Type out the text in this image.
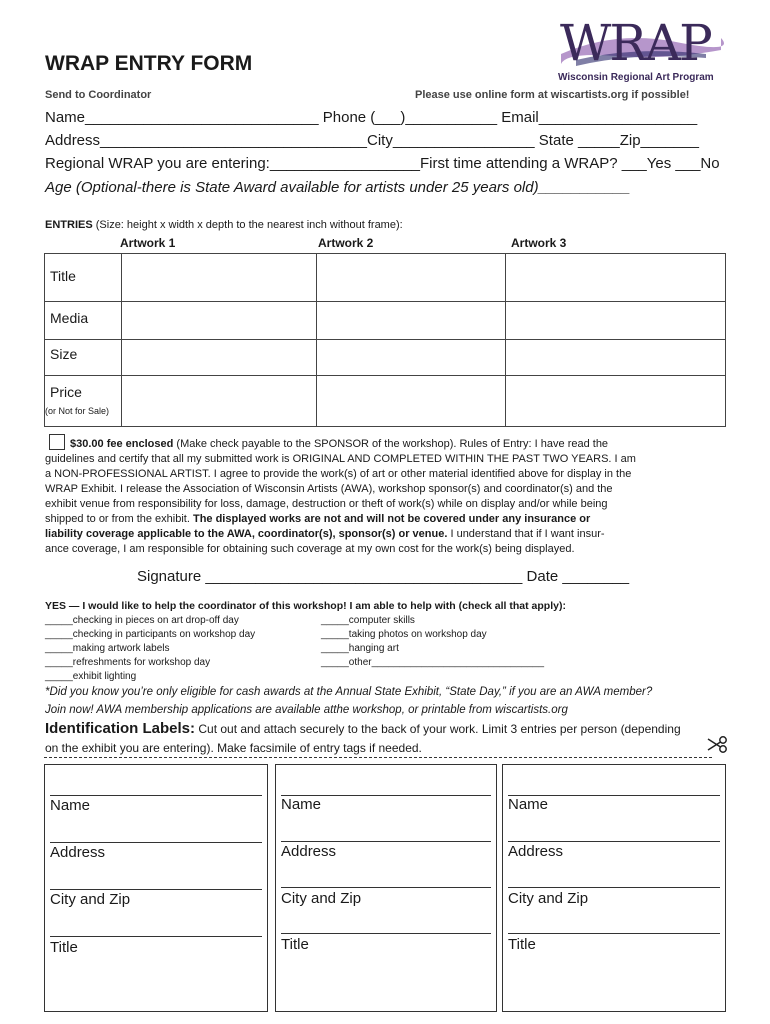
WRAP
Wisconsin Regional Art Program
WRAP ENTRY FORM
Send to Coordinator	Please use online form at wiscartists.org if possible!
Name____________________________ Phone (___)___________ Email___________________
Address________________________________City_________________ State _____Zip_______
Regional WRAP you are entering:__________________First time attending a WRAP? ___Yes ___No
Age (Optional-there is State Award available for artists under 25 years old)___________
ENTRIES (Size: height x width x depth to the nearest inch without frame):
Artwork 1	Artwork 2	Artwork 3
Title			

Media			

Size			

Price
(or Not for Sale)			

$30.00 fee enclosed (Make check payable to the SPONSOR of the workshop). Rules of Entry: I have read the
guidelines and certify that all my submitted work is ORIGINAL AND COMPLETED WITHIN THE PAST TWO YEARS. I am
a NON-PROFESSIONAL ARTIST. I agree to provide the work(s) of art or other material identified above for display in the
WRAP Exhibit. I release the Association of Wisconsin Artists (AWA), workshop sponsor(s) and coordinator(s) and the
exhibit venue from responsibility for loss, damage, destruction or theft of work(s) while on display and/or while being
shipped to or from the exhibit. The displayed works are not and will not be covered under any insurance or
liability coverage applicable to the AWA, coordinator(s), sponsor(s) or venue. I understand that if I want insur-
ance coverage, I am responsible for obtaining such coverage at my own cost for the work(s) being displayed.
Signature ______________________________________ Date ________
YES — I would like to help the coordinator of this workshop! I am able to help with (check all that apply):
_____checking in pieces on art drop-off day
_____checking in participants on workshop day
_____making artwork labels
_____refreshments for workshop day
_____exhibit lighting
_____computer skills
_____taking photos on workshop day
_____hanging art
_____other_______________________________
*Did you know you’re only eligible for cash awards at the Annual State Exhibit, “State Day,” if you are an AWA member?
Join now! AWA membership applications are available atthe workshop, or printable from wiscartists.org
Identification Labels: Cut out and attach securely to the back of your work. Limit 3 entries per person (depending
on the exhibit you are entering). Make facsimile of entry tags if needed.
Name
Address
City and Zip
Title
Name
Address
City and Zip
Title
Name
Address
City and Zip
Title
